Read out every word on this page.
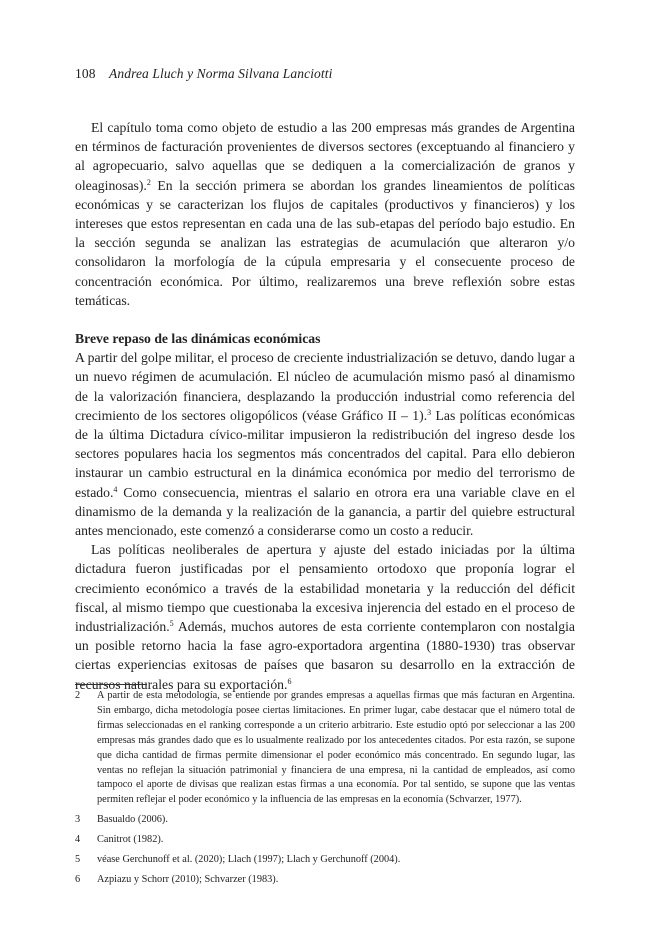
108 Andrea Lluch y Norma Silvana Lanciotti

El capítulo toma como objeto de estudio a las 200 empresas más grandes de Argentina en términos de facturación provenientes de diversos sectores (exceptuando al financiero y al agropecuario, salvo aquellas que se dediquen a la comercialización de granos y oleaginosas).$^2$ En la sección primera se abordan los grandes lineamientos de políticas económicas y se caracterizan los flujos de capitales (productivos y financieros) y los intereses que estos representan en cada una de las sub-etapas del período bajo estudio. En la sección segunda se analizan las estrategias de acumulación que alteraron y/o consolidaron la morfología de la cúpula empresaria y el consecuente proceso de concentración económica. Por último, realizaremos una breve reflexión sobre estas temáticas.

Breve repaso de las dinámicas económicas

A partir del golpe militar, el proceso de creciente industrialización se detuvo, dando lugar a un nuevo régimen de acumulación. El núcleo de acumulación mismo pasó al dinamismo de la valorización financiera, desplazando la producción industrial como referencia del crecimiento de los sectores oligopólicos (véase Gráfico II – 1).$^3$ Las políticas económicas de la última Dictadura cívico-militar impusieron la redistribución del ingreso desde los sectores populares hacia los segmentos más concentrados del capital. Para ello debieron instaurar un cambio estructural en la dinámica económica por medio del terrorismo de estado.$^4$ Como consecuencia, mientras el salario en otrora era una variable clave en el dinamismo de la demanda y la realización de la ganancia, a partir del quiebre estructural antes mencionado, este comenzó a considerarse como un costo a reducir.

Las políticas neoliberales de apertura y ajuste del estado iniciadas por la última dictadura fueron justificadas por el pensamiento ortodoxo que proponía lograr el crecimiento económico a través de la estabilidad monetaria y la reducción del déficit fiscal, al mismo tiempo que cuestionaba la excesiva injerencia del estado en el proceso de industrialización.$^5$ Además, muchos autores de esta corriente contemplaron con nostalgia un posible retorno hacia la fase agro-exportadora argentina (1880-1930) tras observar ciertas experiencias exitosas de países que basaron su desarrollo en la extracción de recursos naturales para su exportación.$^6$

2	A partir de esta metodología, se entiende por grandes empresas a aquellas firmas que más facturan en Argentina. Sin embargo, dicha metodología posee ciertas limitaciones. En primer lugar, cabe destacar que el número total de firmas seleccionadas en el ranking corresponde a un criterio arbitrario. Este estudio optó por seleccionar a las 200 empresas más grandes dado que es lo usualmente realizado por los antecedentes citados. Por esta razón, se supone que dicha cantidad de firmas permite dimensionar el poder económico más concentrado. En segundo lugar, las ventas no reflejan la situación patrimonial y financiera de una empresa, ni la cantidad de empleados, así como tampoco el aporte de divisas que realizan estas firmas a una economía. Por tal sentido, se supone que las ventas permiten reflejar el poder económico y la influencia de las empresas en la economía (Schvarzer, 1977).
3	Basualdo (2006).
4	Canitrot (1982).
5	véase Gerchunoff et al. (2020); Llach (1997); Llach y Gerchunoff (2004).
6	Azpiazu y Schorr (2010); Schvarzer (1983).
